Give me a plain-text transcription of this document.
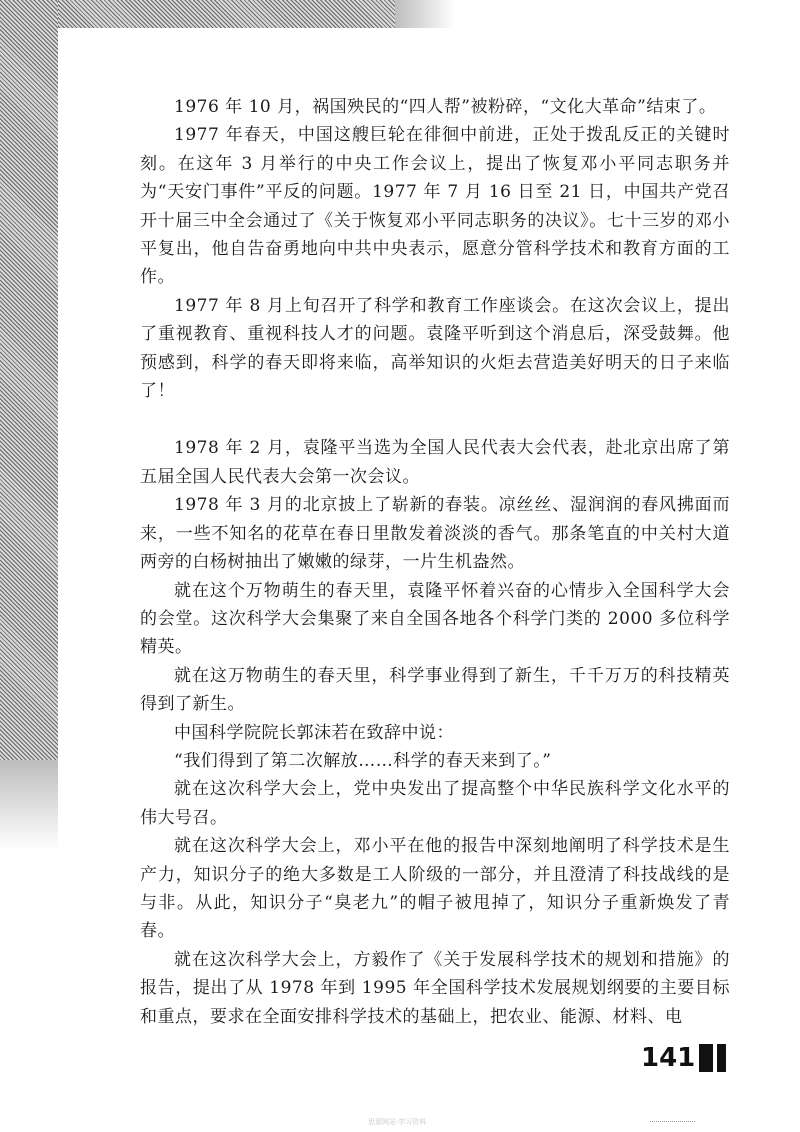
1976 年 10 月，祸国殃民的“四人帮”被粉碎，“文化大革命”结束了。

1977 年春天，中国这艘巨轮在徘徊中前进，正处于拨乱反正的关键时刻。在这年 3 月举行的中央工作会议上，提出了恢复邓小平同志职务并为“天安门事件”平反的问题。1977 年 7 月 16 日至 21 日，中国共产党召开十届三中全会通过了《关于恢复邓小平同志职务的决议》。七十三岁的邓小平复出，他自告奋勇地向中共中央表示，愿意分管科学技术和教育方面的工作。

1977 年 8 月上旬召开了科学和教育工作座谈会。在这次会议上，提出了重视教育、重视科技人才的问题。袁隆平听到这个消息后，深受鼓舞。他预感到，科学的春天即将来临，高举知识的火炬去营造美好明天的日子来临了！

1978 年 2 月，袁隆平当选为全国人民代表大会代表，赴北京出席了第五届全国人民代表大会第一次会议。

1978 年 3 月的北京披上了崭新的春装。凉丝丝、湿润润的春风拂面而来，一些不知名的花草在春日里散发着淡淡的香气。那条笔直的中关村大道两旁的白杨树抽出了嫩嫩的绿芽，一片生机盎然。

就在这个万物萌生的春天里，袁隆平怀着兴奋的心情步入全国科学大会的会堂。这次科学大会集聚了来自全国各地各个科学门类的 2000 多位科学精英。

就在这万物萌生的春天里，科学事业得到了新生，千千万万的科技精英得到了新生。

中国科学院院长郭沫若在致辞中说：

“我们得到了第二次解放……科学的春天来到了。”

就在这次科学大会上，党中央发出了提高整个中华民族科学文化水平的伟大号召。

就在这次科学大会上，邓小平在他的报告中深刻地阐明了科学技术是生产力，知识分子的绝大多数是工人阶级的一部分，并且澄清了科技战线的是与非。从此，知识分子“臭老九”的帽子被甩掉了，知识分子重新焕发了青春。

就在这次科学大会上，方毅作了《关于发展科学技术的规划和措施》的报告，提出了从 1978 年到 1995 年全国科学技术发展规划纲要的主要目标和重点，要求在全面安排科学技术的基础上，把农业、能源、材料、电

141
思源网站·学习资料
